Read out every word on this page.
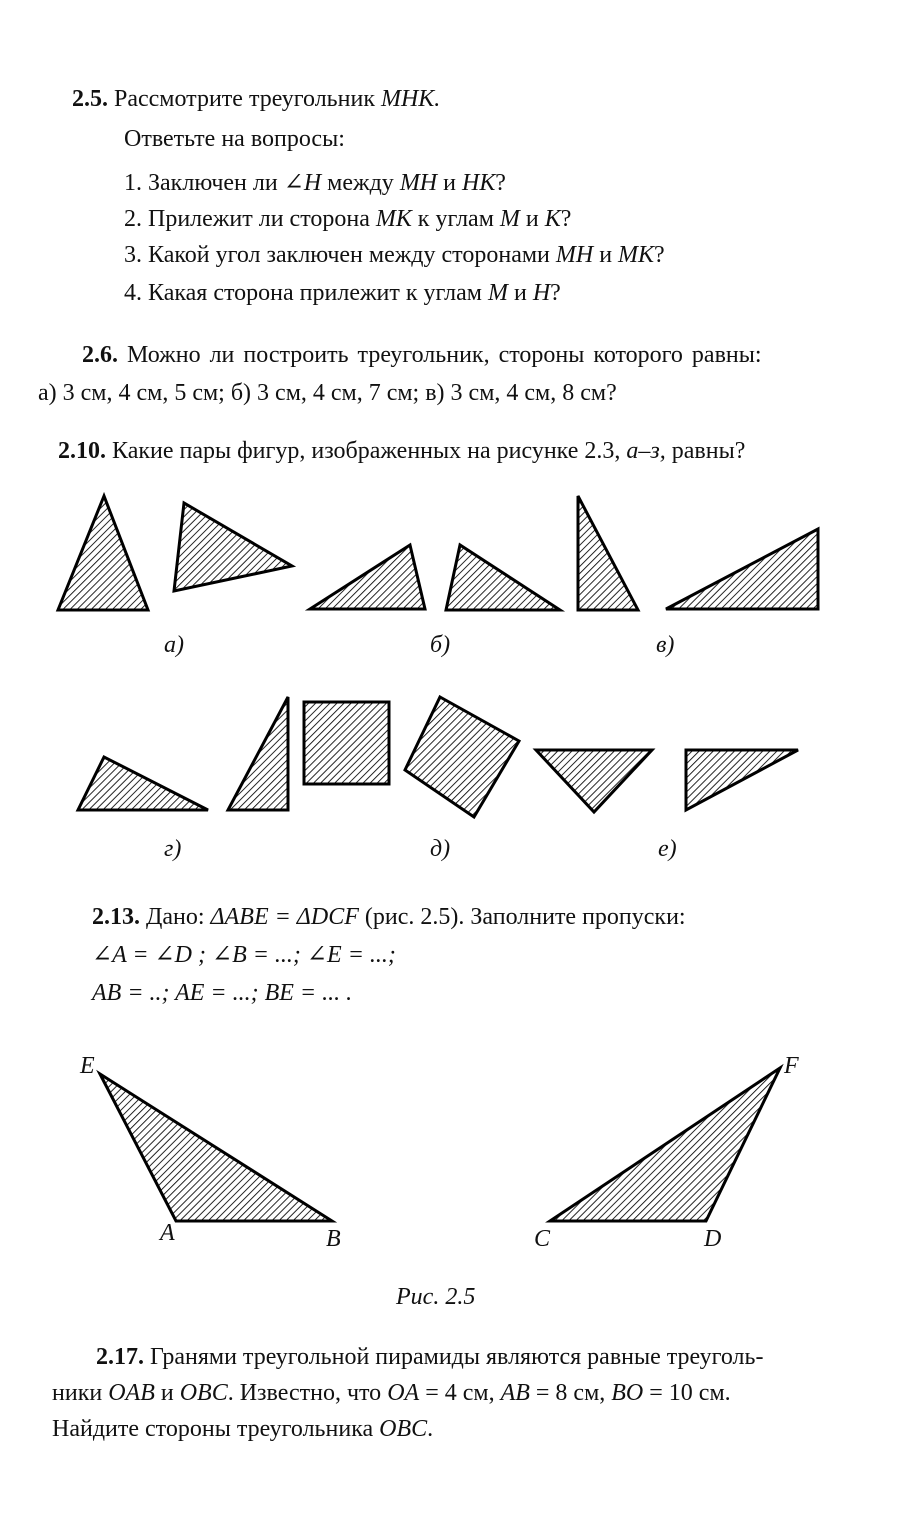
2.5. Рассмотрите треугольник МНК.
Ответьте на вопросы:
1. Заключен ли ∠Н между МН и НК?
2. Прилежит ли сторона МК к углам М и К?
3. Какой угол заключен между сторонами МН и МК?
4. Какая сторона прилежит к углам М и Н?
2.6. Можно ли построить треугольник, стороны которого равны:
а) 3 см, 4 см, 5 см; б) 3 см, 4 см, 7 см; в) 3 см, 4 см, 8 см?
2.10. Какие пары фигур, изображенных на рисунке 2.3, а–з, равны?
а)	б)	в)
г)	д)	е)
2.13. Дано: ΔABE = ΔDCF (рис. 2.5). Заполните пропуски:
∠A = ∠D ; ∠B = ...; ∠E = ...;
AB = ..; AE = ...; BE = ... .
E
A	B
F
C	D
Рис. 2.5
2.17. Гранями треугольной пирамиды являются равные треуголь-
ники OAB и OBC. Известно, что OA = 4 см, AB = 8 см, BO = 10 см.
Найдите стороны треугольника OBC.
